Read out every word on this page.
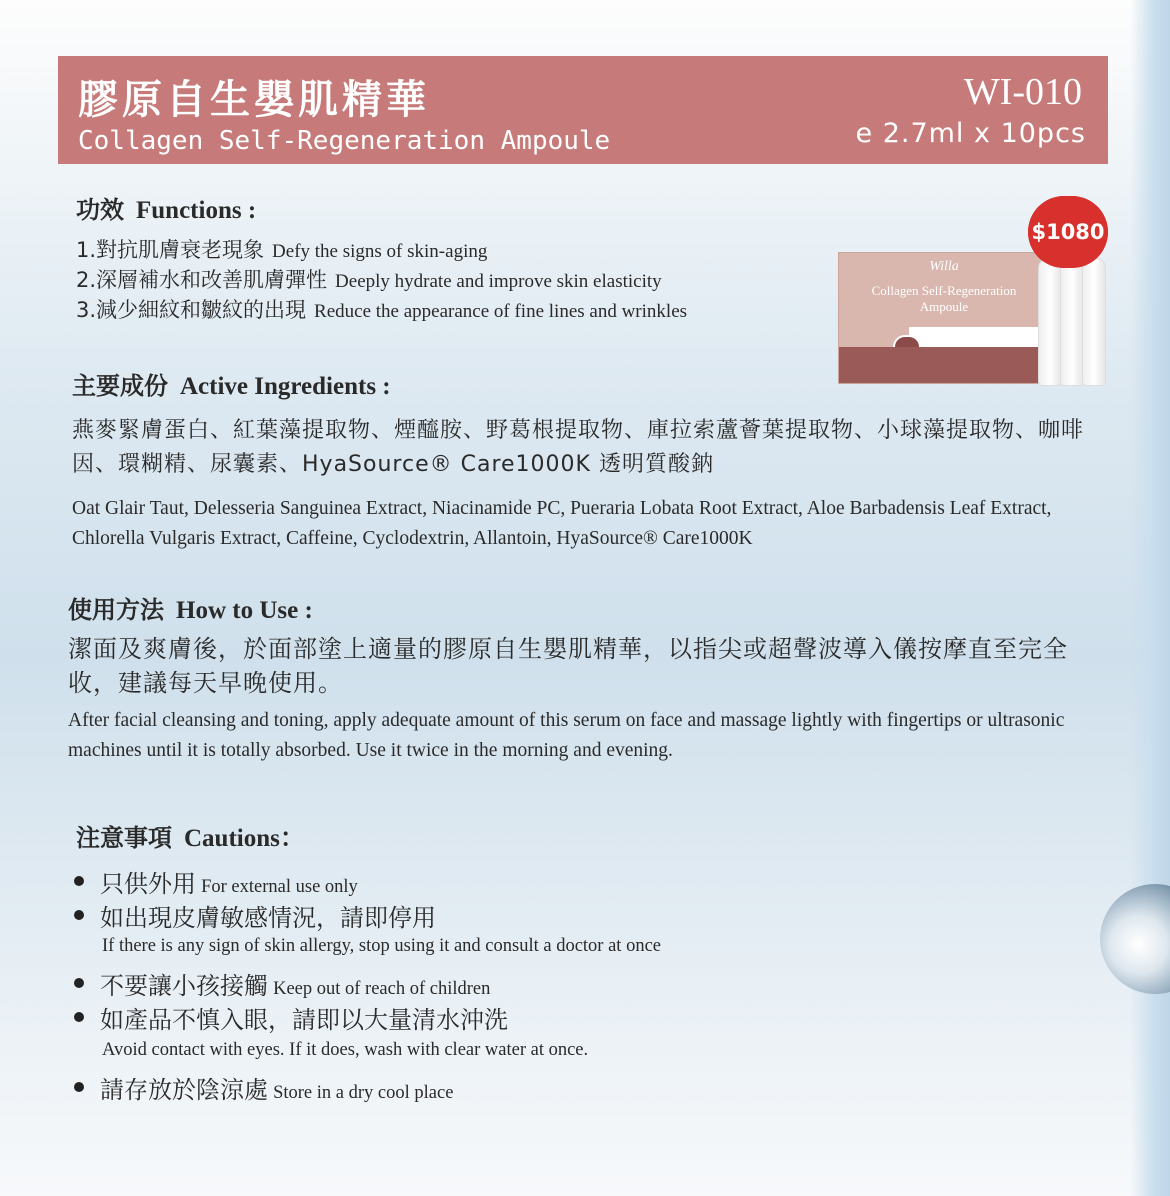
膠原自生嬰肌精華
Collagen Self-Regeneration Ampoule
WI-010
e 2.7ml x 10pcs
功效 Functions :
1.對抗肌膚衰老現象 Defy the signs of skin-aging
2.深層補水和改善肌膚彈性 Deeply hydrate and improve skin elasticity
3.減少細紋和皺紋的出現 Reduce the appearance of fine lines and wrinkles
Willa
Collagen Self-Regeneration
Ampoule
$1080
主要成份 Active Ingredients :
燕麥緊膚蛋白、紅葉藻提取物、煙醯胺、野葛根提取物、庫拉索蘆薈葉提取物、小球藻提取物、咖啡因、環糊精、尿囊素、HyaSource® Care1000K 透明質酸鈉
Oat Glair Taut, Delesseria Sanguinea Extract, Niacinamide PC, Pueraria Lobata Root Extract, Aloe Barbadensis Leaf Extract, Chlorella Vulgaris Extract, Caffeine, Cyclodextrin, Allantoin, HyaSource® Care1000K
使用方法 How to Use :
潔面及爽膚後，於面部塗上適量的膠原自生嬰肌精華，以指尖或超聲波導入儀按摩直至完全收，建議每天早晚使用。
After facial cleansing and toning, apply adequate amount of this serum on face and massage lightly with fingertips or ultrasonic machines until it is totally absorbed. Use it twice in the morning and evening.
注意事項 Cautions：
只供外用 For external use only
如出現皮膚敏感情況，請即停用
If there is any sign of skin allergy, stop using it and consult a doctor at once
不要讓小孩接觸 Keep out of reach of children
如產品不慎入眼，請即以大量清水沖洗
Avoid contact with eyes. If it does, wash with clear water at once.
請存放於陰涼處 Store in a dry cool place
